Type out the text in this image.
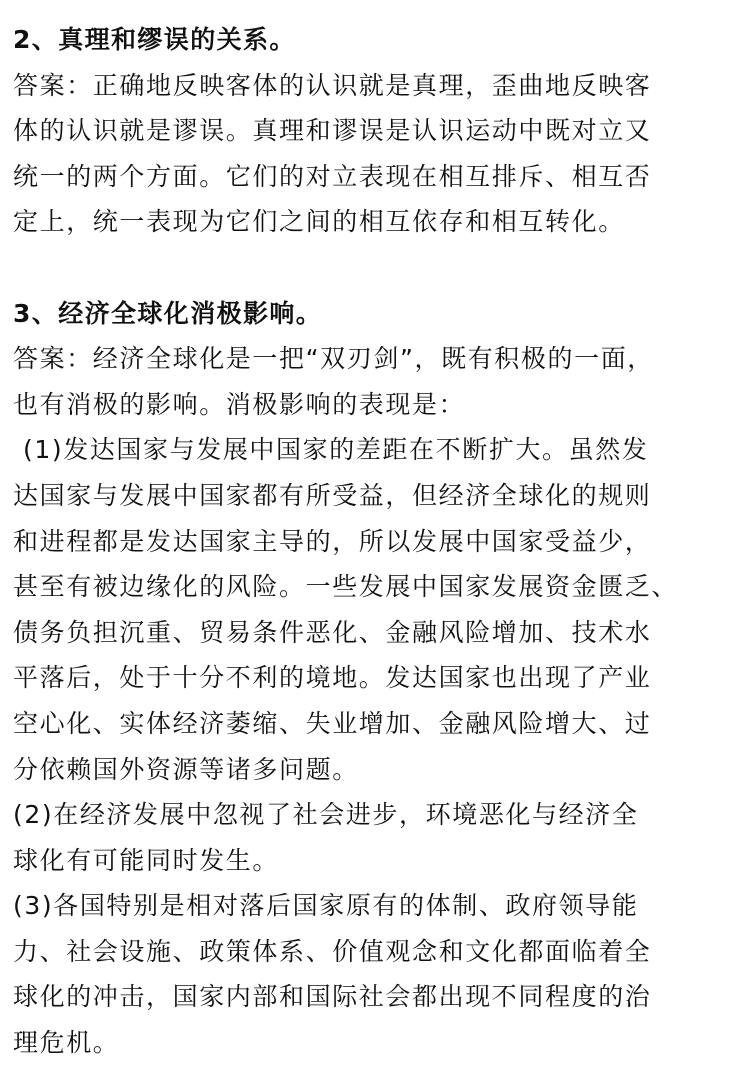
2、真理和缪误的关系。
答案：正确地反映客体的认识就是真理，歪曲地反映客
体的认识就是谬误。真理和谬误是认识运动中既对立又
统一的两个方面。它们的对立表现在相互排斥、相互否
定上，统一表现为它们之间的相互依存和相互转化。
3、经济全球化消极影响。
答案：经济全球化是一把“双刃剑”，既有积极的一面，
也有消极的影响。消极影响的表现是：
(1)发达国家与发展中国家的差距在不断扩大。虽然发
达国家与发展中国家都有所受益，但经济全球化的规则
和进程都是发达国家主导的，所以发展中国家受益少，
甚至有被边缘化的风险。一些发展中国家发展资金匮乏、
债务负担沉重、贸易条件恶化、金融风险增加、技术水
平落后，处于十分不利的境地。发达国家也出现了产业
空心化、实体经济萎缩、失业增加、金融风险增大、过
分依赖国外资源等诸多问题。
(2)在经济发展中忽视了社会进步，环境恶化与经济全
球化有可能同时发生。
(3)各国特别是相对落后国家原有的体制、政府领导能
力、社会设施、政策体系、价值观念和文化都面临着全
球化的冲击，国家内部和国际社会都出现不同程度的治
理危机。
